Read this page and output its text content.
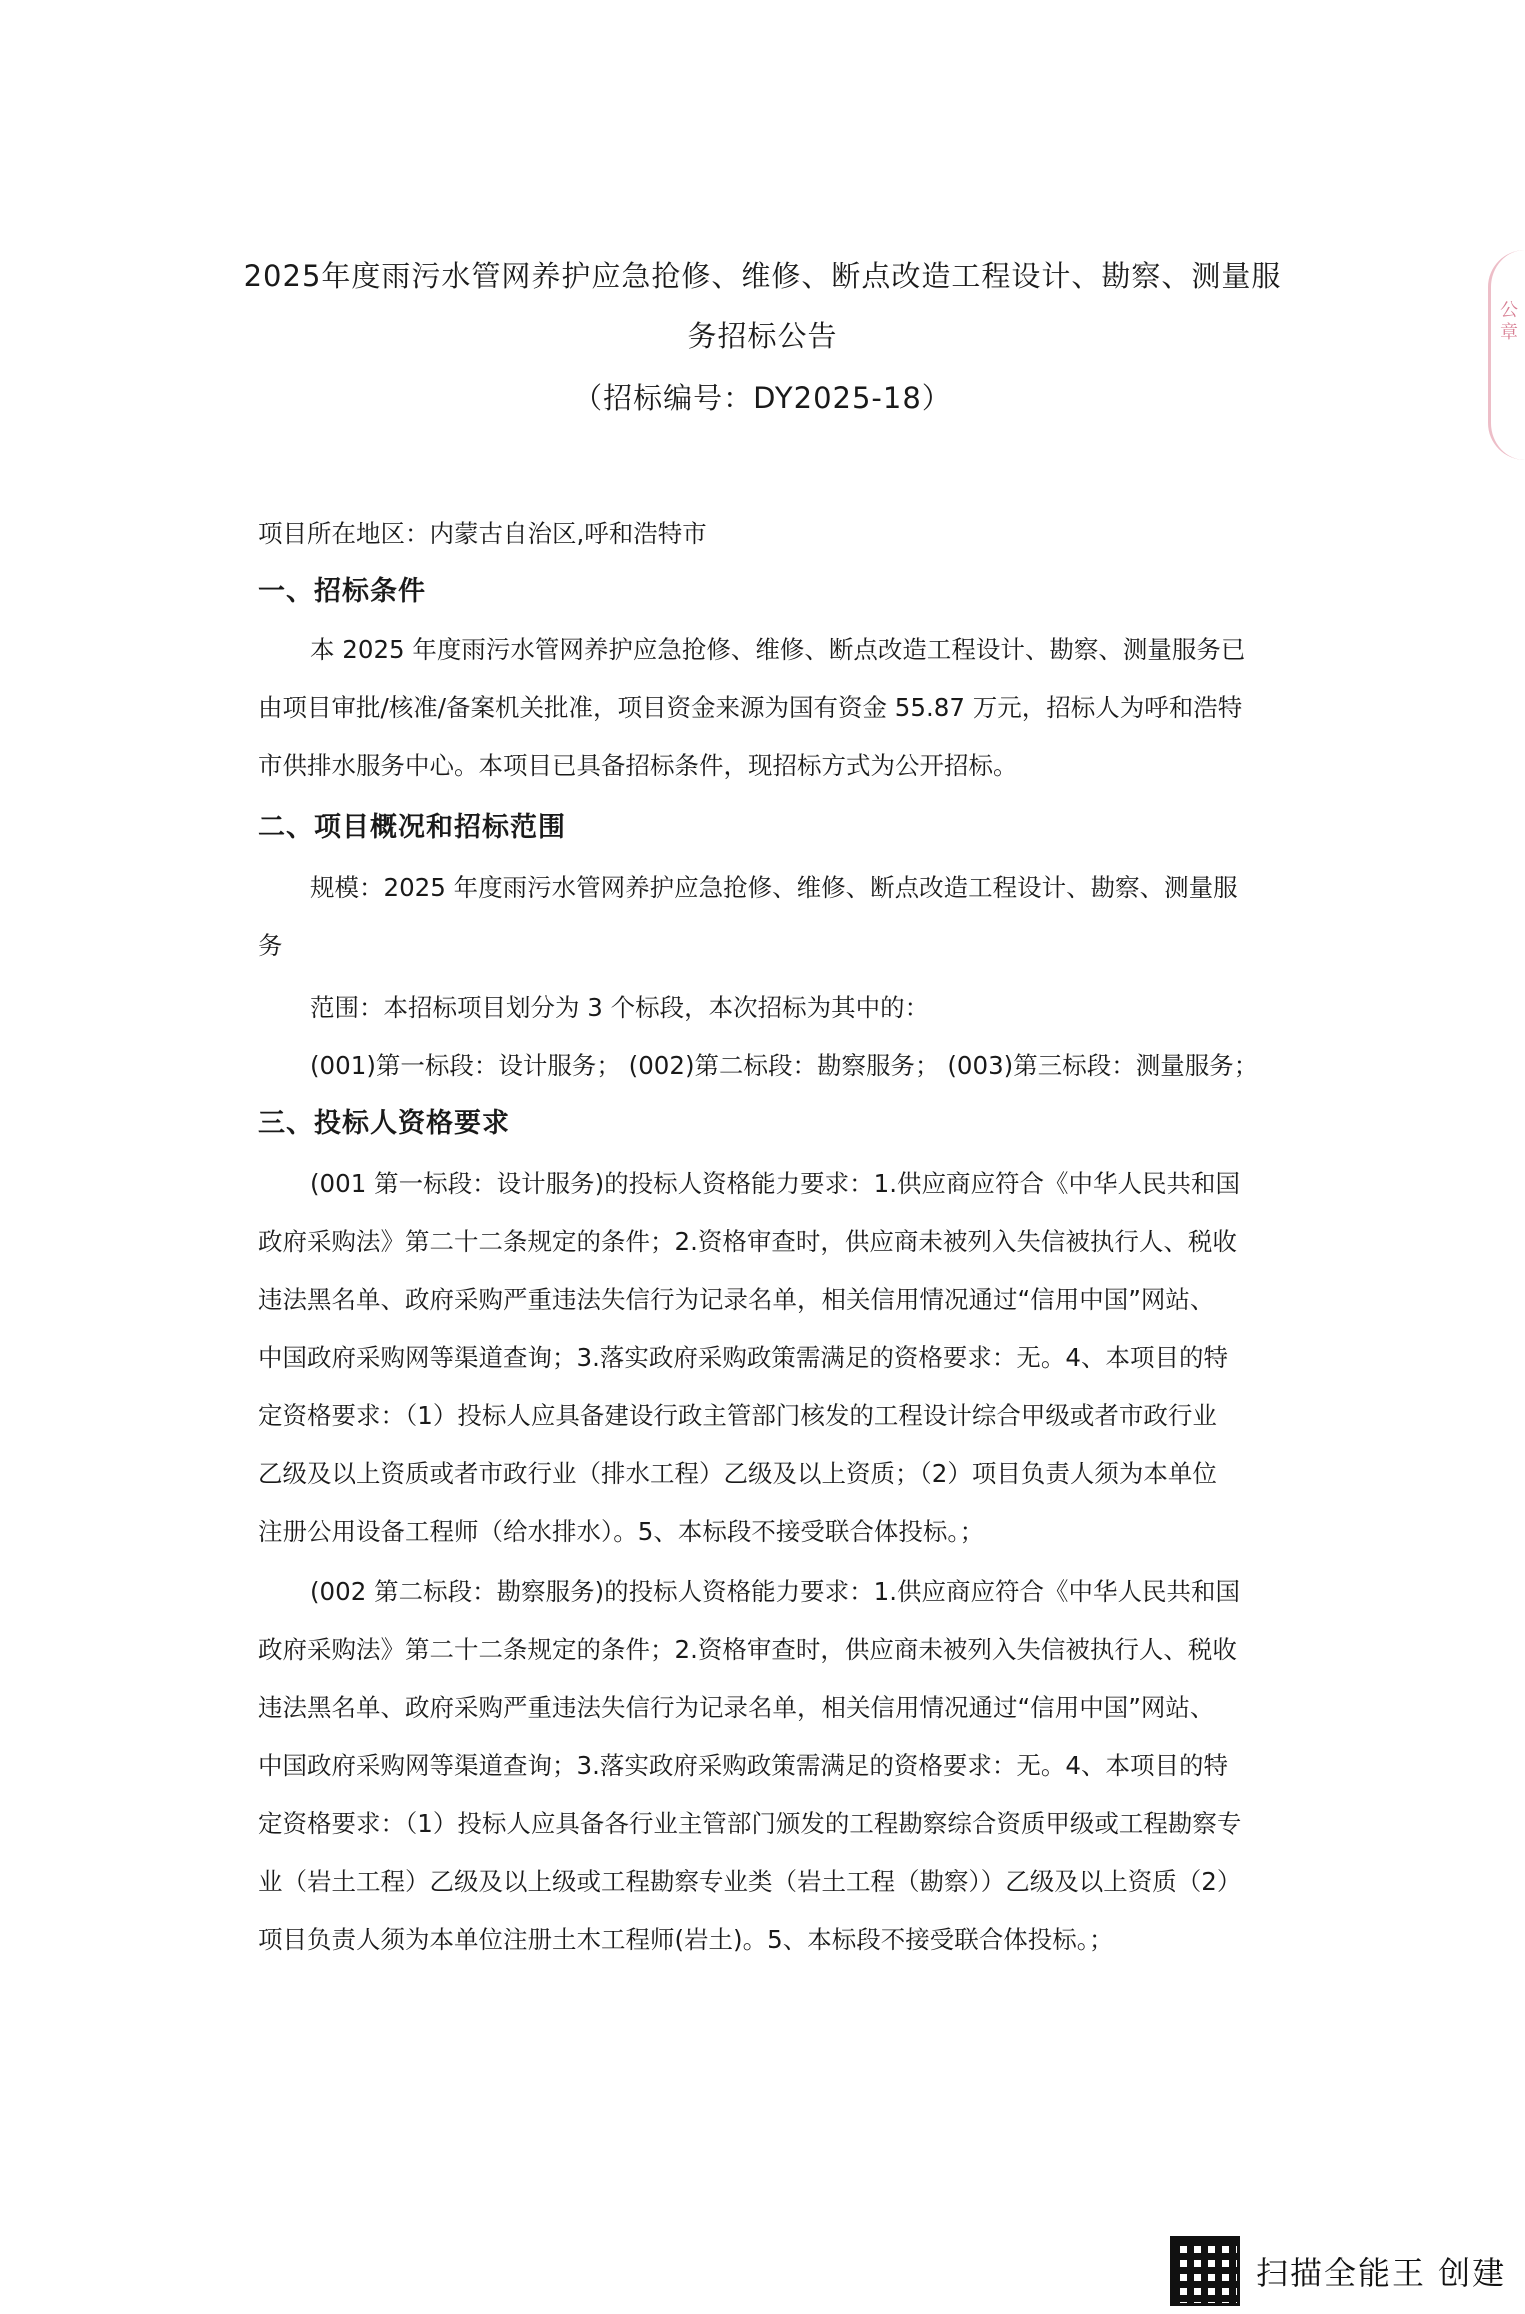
2025年度雨污水管网养护应急抢修、维修、断点改造工程设计、勘察、测量服
务招标公告
（招标编号：DY2025-18）
项目所在地区：内蒙古自治区,呼和浩特市
一、招标条件
本 2025 年度雨污水管网养护应急抢修、维修、断点改造工程设计、勘察、测量服务已
由项目审批/核准/备案机关批准，项目资金来源为国有资金 55.87 万元，招标人为呼和浩特
市供排水服务中心。本项目已具备招标条件，现招标方式为公开招标。
二、项目概况和招标范围
规模：2025 年度雨污水管网养护应急抢修、维修、断点改造工程设计、勘察、测量服
务
范围：本招标项目划分为 3 个标段，本次招标为其中的：
(001)第一标段：设计服务； (002)第二标段：勘察服务； (003)第三标段：测量服务；
三、投标人资格要求
(001 第一标段：设计服务)的投标人资格能力要求：1.供应商应符合《中华人民共和国
政府采购法》第二十二条规定的条件；2.资格审查时，供应商未被列入失信被执行人、税收
违法黑名单、政府采购严重违法失信行为记录名单，相关信用情况通过“信用中国”网站、
中国政府采购网等渠道查询；3.落实政府采购政策需满足的资格要求：无。4、本项目的特
定资格要求：（1）投标人应具备建设行政主管部门核发的工程设计综合甲级或者市政行业
乙级及以上资质或者市政行业（排水工程）乙级及以上资质；（2）项目负责人须为本单位
注册公用设备工程师（给水排水）。5、本标段不接受联合体投标。；
(002 第二标段：勘察服务)的投标人资格能力要求：1.供应商应符合《中华人民共和国
政府采购法》第二十二条规定的条件；2.资格审查时，供应商未被列入失信被执行人、税收
违法黑名单、政府采购严重违法失信行为记录名单，相关信用情况通过“信用中国”网站、
中国政府采购网等渠道查询；3.落实政府采购政策需满足的资格要求：无。4、本项目的特
定资格要求：（1）投标人应具备各行业主管部门颁发的工程勘察综合资质甲级或工程勘察专
业（岩土工程）乙级及以上级或工程勘察专业类（岩土工程（勘察））乙级及以上资质（2）
项目负责人须为本单位注册土木工程师(岩土)。5、本标段不接受联合体投标。；
公章
扫描全能王 创建
